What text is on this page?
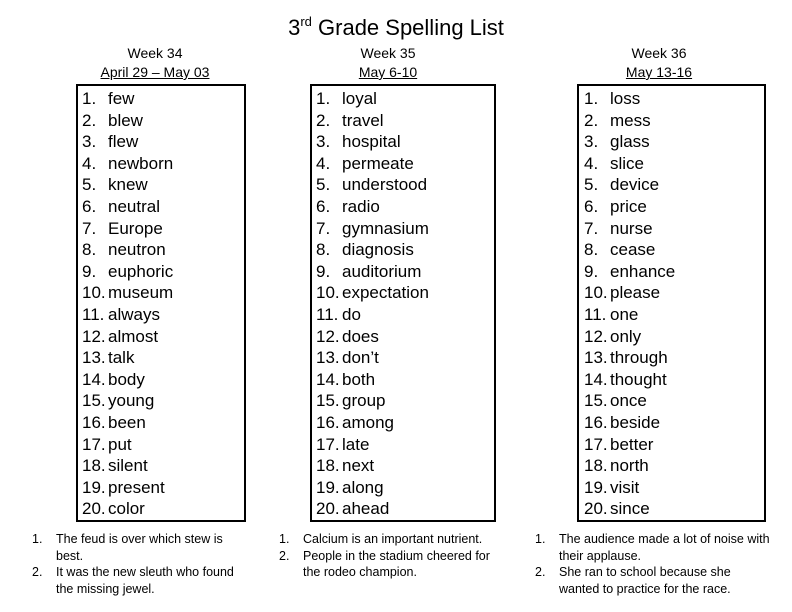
3rd Grade Spelling List
Week 34
April 29 – May 03
1. few
2. blew
3. flew
4. newborn
5. knew
6. neutral
7. Europe
8. neutron
9. euphoric
10. museum
11. always
12. almost
13. talk
14. body
15. young
16. been
17. put
18. silent
19. present
20. color
1. The feud is over which stew is best.
2. It was the new sleuth who found the missing jewel.
Week 35
May 6-10
1. loyal
2. travel
3. hospital
4. permeate
5. understood
6. radio
7. gymnasium
8. diagnosis
9. auditorium
10. expectation
11. do
12. does
13. don’t
14. both
15. group
16. among
17. late
18. next
19. along
20. ahead
1. Calcium is an important nutrient.
2. People in the stadium cheered for the rodeo champion.
Week 36
May 13-16
1. loss
2. mess
3. glass
4. slice
5. device
6. price
7. nurse
8. cease
9. enhance
10. please
11. one
12. only
13. through
14. thought
15. once
16. beside
17. better
18. north
19. visit
20. since
1. The audience made a lot of noise with their applause.
2. She ran to school because she wanted to practice for the race.
